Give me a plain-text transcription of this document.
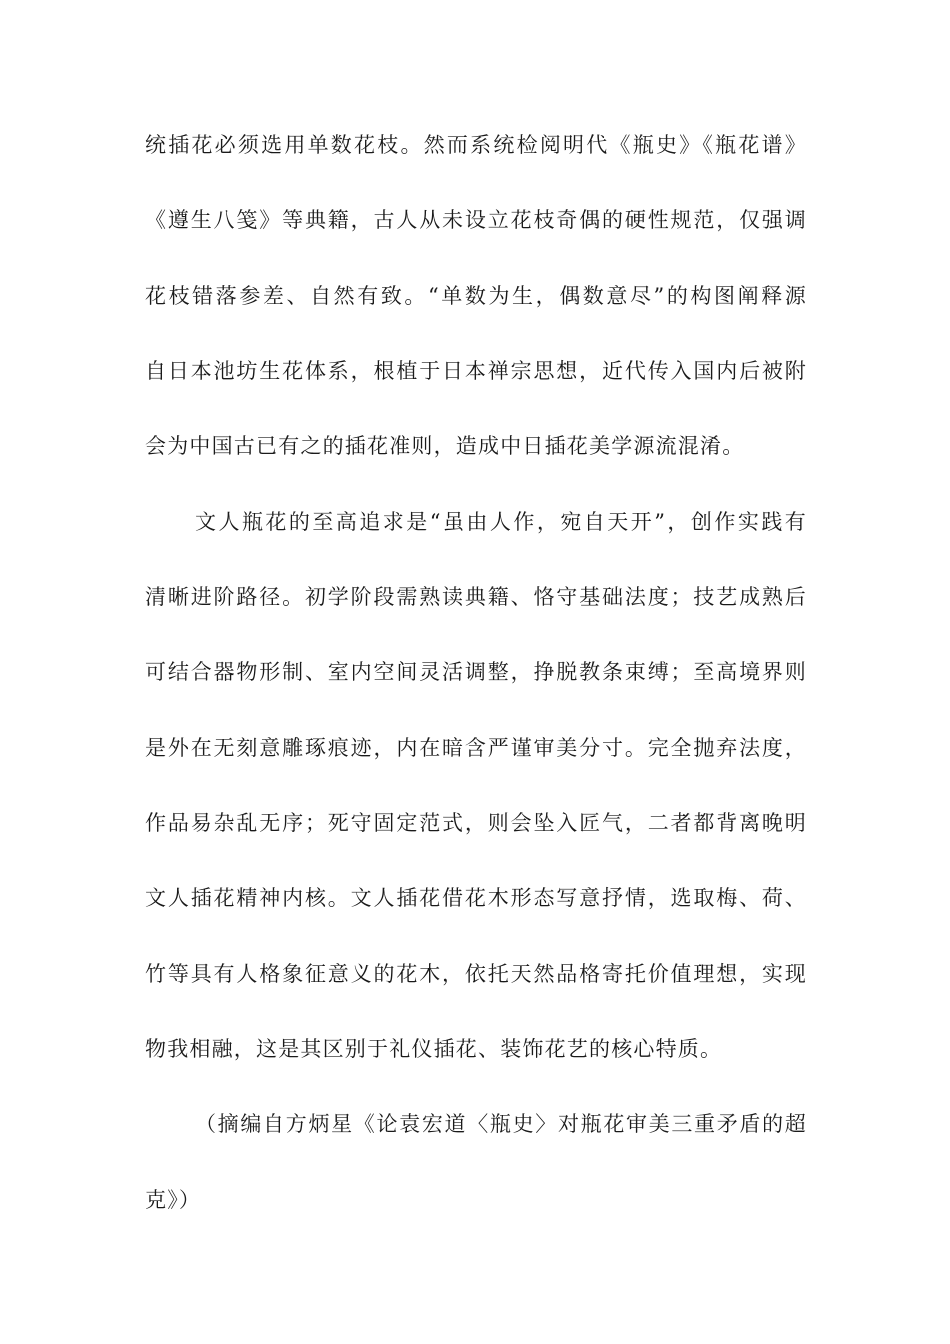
统插花必须选用单数花枝。然而系统检阅明代《瓶史》《瓶花谱》
《遵生八笺》等典籍，古人从未设立花枝奇偶的硬性规范，仅强调
花枝错落参差、自然有致。“单数为生，偶数意尽”的构图阐释源
自日本池坊生花体系，根植于日本禅宗思想，近代传入国内后被附
会为中国古已有之的插花准则，造成中日插花美学源流混淆。
文人瓶花的至高追求是“虽由人作，宛自天开”，创作实践有
清晰进阶路径。初学阶段需熟读典籍、恪守基础法度；技艺成熟后
可结合器物形制、室内空间灵活调整，挣脱教条束缚；至高境界则
是外在无刻意雕琢痕迹，内在暗含严谨审美分寸。完全抛弃法度，
作品易杂乱无序；死守固定范式，则会坠入匠气，二者都背离晚明
文人插花精神内核。文人插花借花木形态写意抒情，选取梅、荷、
竹等具有人格象征意义的花木，依托天然品格寄托价值理想，实现
物我相融，这是其区别于礼仪插花、装饰花艺的核心特质。
（摘编自方炳星《论袁宏道〈瓶史〉对瓶花审美三重矛盾的超
克》）
